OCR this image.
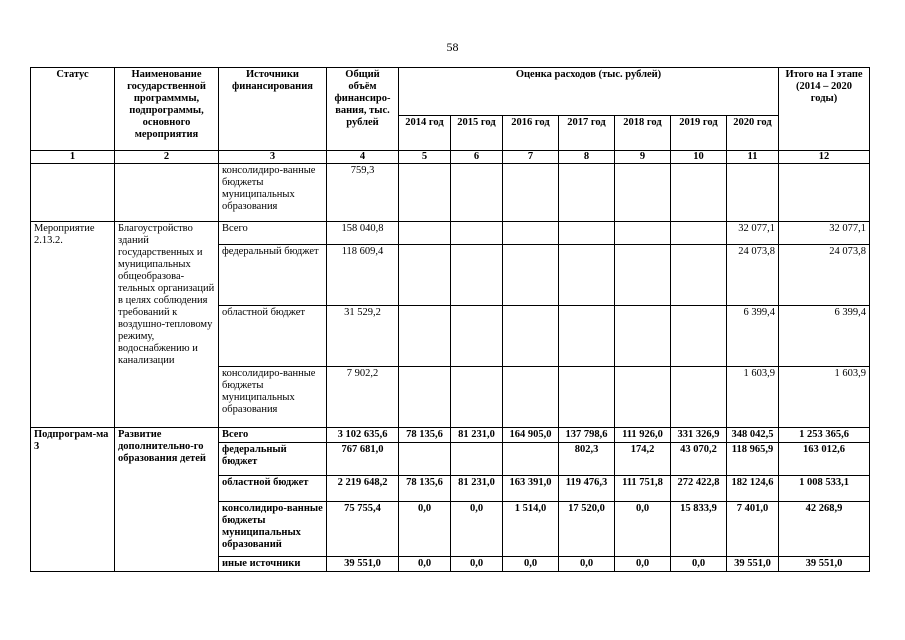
58
Статус	Наименование государственной программмы, подпрограммы, основного мероприятия	Источники финансирования	Общий объём финансиро-вания, тыс. рублей	Оценка расходов (тыс. рублей)							Итого на I этапе (2014 – 2020 годы)
				2014 год	2015 год	2016 год	2017 год	2018 год	2019 год	2020 год	
1	2	3	4	5	6	7	8	9	10	11	12
		консолидиро-ванные бюджеты муниципальных образования	759,3								
Мероприятие 2.13.2.	Благоустройство зданий государственных и муниципальных общеобразова-тельных организаций в целях соблюдения требований к воздушно-тепловому режиму, водоснабжению и канализации	Всего	158 040,8							32 077,1	32 077,1
		федеральный бюджет	118 609,4							24 073,8	24 073,8
		областной бюджет	31 529,2							6 399,4	6 399,4
		консолидиро-ванные бюджеты муниципальных образования	7 902,2							1 603,9	1 603,9
Подпрограм-ма 3	Развитие дополнительно-го образования детей	Всего	3 102 635,6	78 135,6	81 231,0	164 905,0	137 798,6	111 926,0	331 326,9	348 042,5	1 253 365,6
		федеральный бюджет	767 681,0				802,3	174,2	43 070,2	118 965,9	163 012,6
		областной бюджет	2 219 648,2	78 135,6	81 231,0	163 391,0	119 476,3	111 751,8	272 422,8	182 124,6	1 008 533,1
		консолидиро-ванные бюджеты муниципальных образований	75 755,4	0,0	0,0	1 514,0	17 520,0	0,0	15 833,9	7 401,0	42 268,9
		иные источники	39 551,0	0,0	0,0	0,0	0,0	0,0	0,0	39 551,0	39 551,0
